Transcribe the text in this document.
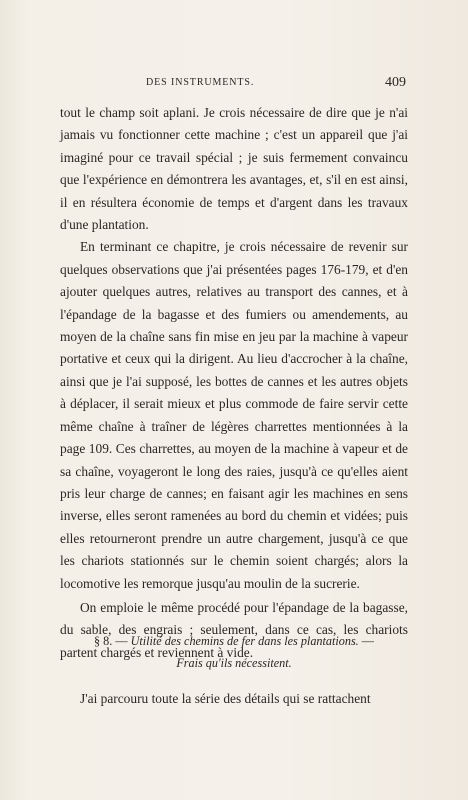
DES INSTRUMENTS.	409

tout le champ soit aplani. Je crois nécessaire de dire que je n'ai jamais vu fonctionner cette machine ; c'est un appareil que j'ai imaginé pour ce travail spécial ; je suis fermement convaincu que l'expérience en démontrera les avantages, et, s'il en est ainsi, il en résultera économie de temps et d'argent dans les travaux d'une plantation.

En terminant ce chapitre, je crois nécessaire de revenir sur quelques observations que j'ai présentées pages 176-179, et d'en ajouter quelques autres, relatives au transport des cannes, et à l'épandage de la bagasse et des fumiers ou amendements, au moyen de la chaîne sans fin mise en jeu par la machine à vapeur portative et ceux qui la dirigent. Au lieu d'accrocher à la chaîne, ainsi que je l'ai supposé, les bottes de cannes et les autres objets à déplacer, il serait mieux et plus commode de faire servir cette même chaîne à traîner de légères charrettes mentionnées à la page 109. Ces charrettes, au moyen de la machine à vapeur et de sa chaîne, voyageront le long des raies, jusqu'à ce qu'elles aient pris leur charge de cannes; en faisant agir les machines en sens inverse, elles seront ramenées au bord du chemin et vidées; puis elles retourneront prendre un autre chargement, jusqu'à ce que les chariots stationnés sur le chemin soient chargés; alors la locomotive les remorque jusqu'au moulin de la sucrerie.

On emploie le même procédé pour l'épandage de la bagasse, du sable, des engrais ; seulement, dans ce cas, les chariots partent chargés et reviennent à vide.

§ 8. — Utilité des chemins de fer dans les plantations. —
Frais qu'ils nécessitent.

J'ai parcouru toute la série des détails qui se rattachent
